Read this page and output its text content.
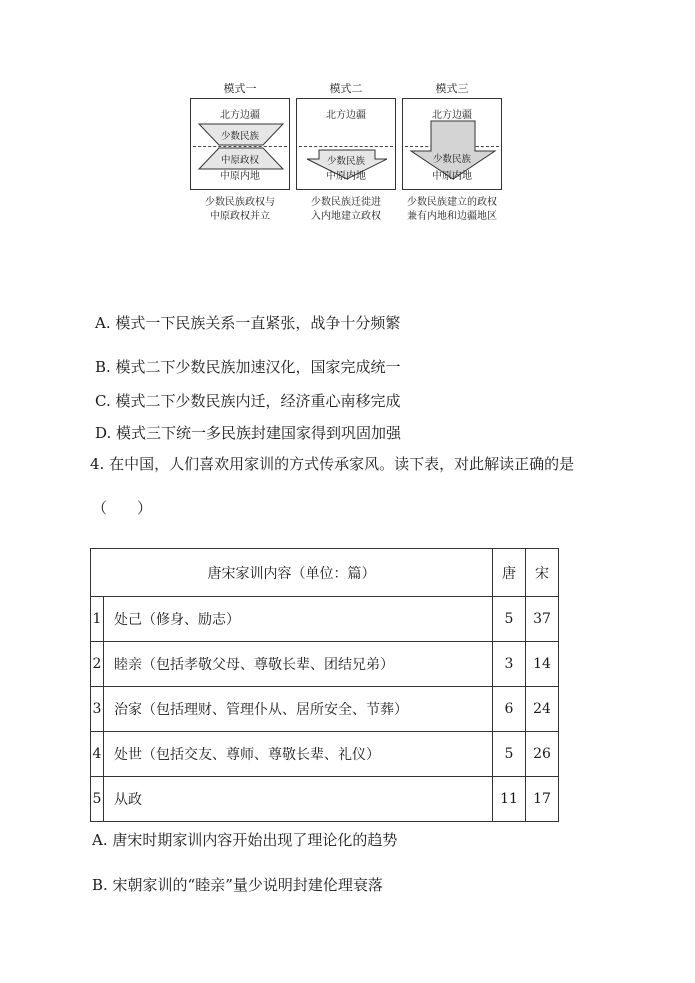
模式一
北方边疆
少数民族
中原政权
中原内地
少数民族政权与
中原政权并立
模式二
北方边疆
少数民族
中原内地
少数民族迁徙进
入内地建立政权
模式三
北方边疆
少数民族
中原内地
少数民族建立的政权
兼有内地和边疆地区
A. 模式一下民族关系一直紧张，战争十分频繁
B. 模式二下少数民族加速汉化，国家完成统一
C. 模式二下少数民族内迁，经济重心南移完成
D. 模式三下统一多民族封建国家得到巩固加强
4. 在中国，人们喜欢用家训的方式传承家风。读下表，对此解读正确的是
（　　）
唐宋家训内容（单位：篇）		唐	宋
1	处己（修身、励志）	5	37
2	睦亲（包括孝敬父母、尊敬长辈、团结兄弟）	3	14
3	治家（包括理财、管理仆从、居所安全、节葬）	6	24
4	处世（包括交友、尊师、尊敬长辈、礼仪）	5	26
5	从政	11	17
A. 唐宋时期家训内容开始出现了理论化的趋势
B. 宋朝家训的“睦亲”量少说明封建伦理衰落
